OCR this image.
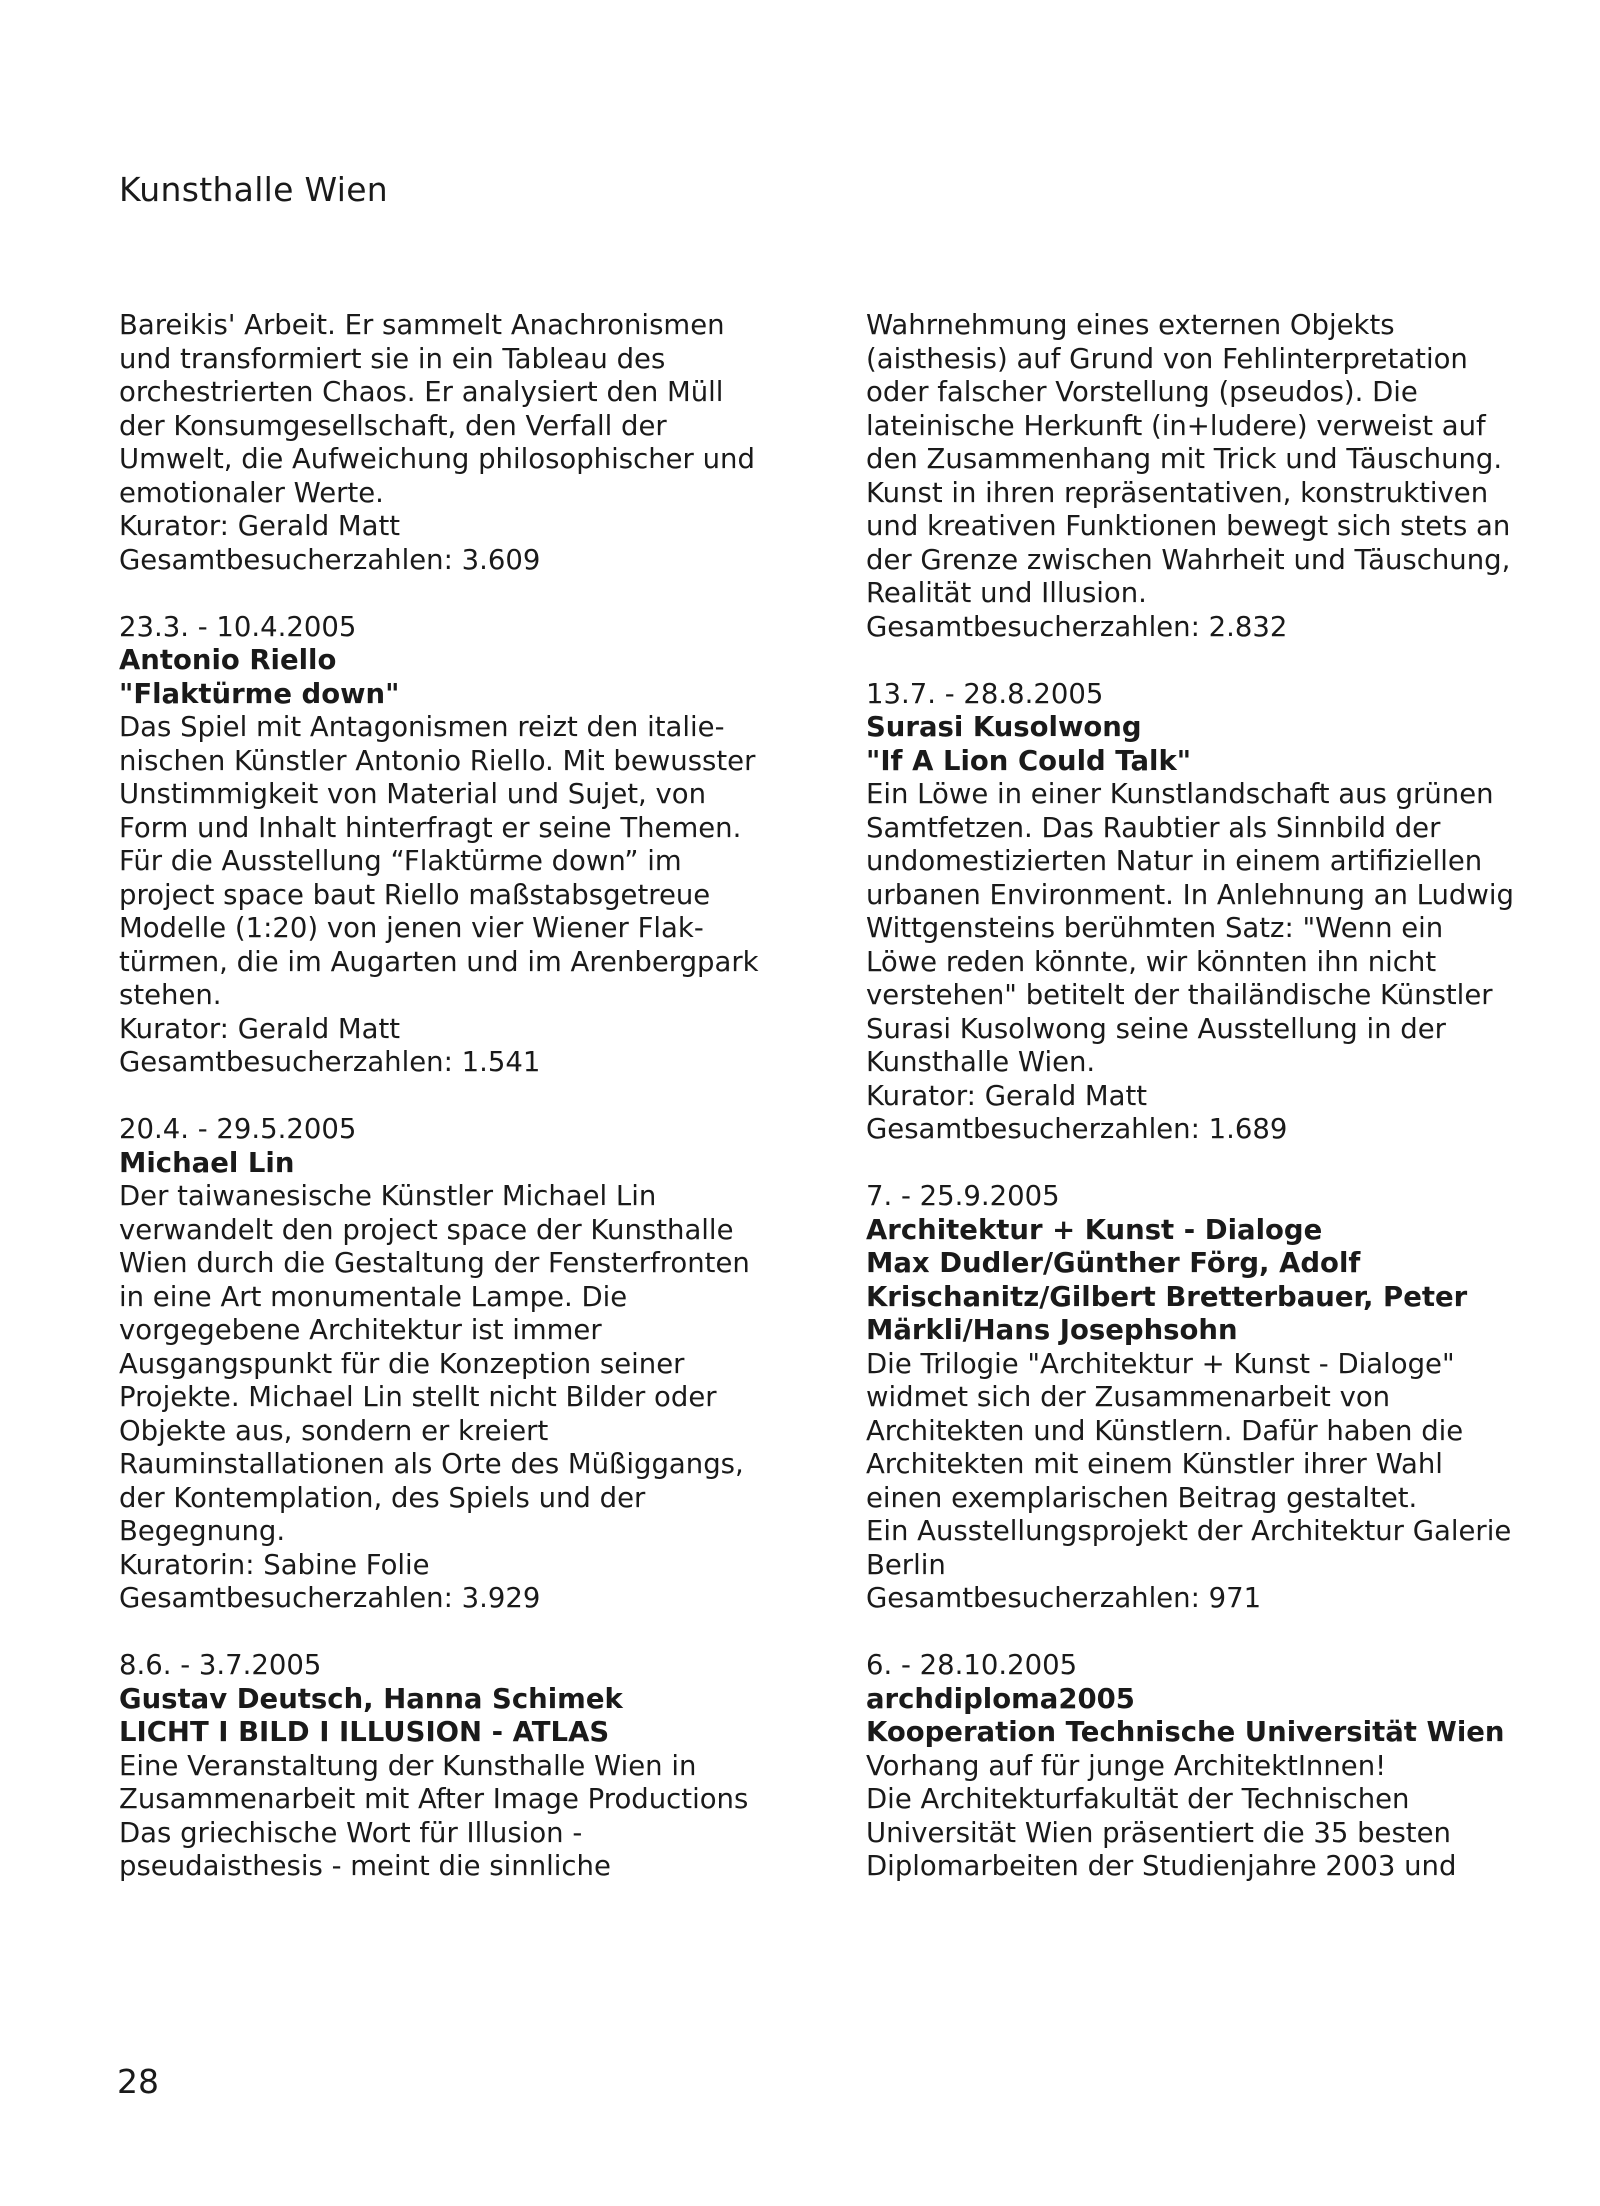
Kunsthalle Wien
Bareikis' Arbeit. Er sammelt Anachronismen
und transformiert sie in ein Tableau des
orchestrierten Chaos. Er analysiert den Müll
der Konsumgesellschaft, den Verfall der
Umwelt, die Aufweichung philosophischer und
emotionaler Werte.
Kurator: Gerald Matt
Gesamtbesucherzahlen: 3.609
23.3. - 10.4.2005
Antonio Riello
"Flaktürme down"
Das Spiel mit Antagonismen reizt den italie-
nischen Künstler Antonio Riello. Mit bewusster
Unstimmigkeit von Material und Sujet, von
Form und Inhalt hinterfragt er seine Themen.
Für die Ausstellung “Flaktürme down” im
project space baut Riello maßstabsgetreue
Modelle (1:20) von jenen vier Wiener Flak-
türmen, die im Augarten und im Arenbergpark
stehen.
Kurator: Gerald Matt
Gesamtbesucherzahlen: 1.541
20.4. - 29.5.2005
Michael Lin
Der taiwanesische Künstler Michael Lin
verwandelt den project space der Kunsthalle
Wien durch die Gestaltung der Fensterfronten
in eine Art monumentale Lampe. Die
vorgegebene Architektur ist immer
Ausgangspunkt für die Konzeption seiner
Projekte. Michael Lin stellt nicht Bilder oder
Objekte aus, sondern er kreiert
Rauminstallationen als Orte des Müßiggangs,
der Kontemplation, des Spiels und der
Begegnung.
Kuratorin: Sabine Folie
Gesamtbesucherzahlen: 3.929
8.6. - 3.7.2005
Gustav Deutsch, Hanna Schimek
LICHT I BILD I ILLUSION - ATLAS
Eine Veranstaltung der Kunsthalle Wien in
Zusammenarbeit mit After Image Productions
Das griechische Wort für Illusion -
pseudaisthesis - meint die sinnliche
Wahrnehmung eines externen Objekts
(aisthesis) auf Grund von Fehlinterpretation
oder falscher Vorstellung (pseudos). Die
lateinische Herkunft (in+ludere) verweist auf
den Zusammenhang mit Trick und Täuschung.
Kunst in ihren repräsentativen, konstruktiven
und kreativen Funktionen bewegt sich stets an
der Grenze zwischen Wahrheit und Täuschung,
Realität und Illusion.
Gesamtbesucherzahlen: 2.832
13.7. - 28.8.2005
Surasi Kusolwong
"If A Lion Could Talk"
Ein Löwe in einer Kunstlandschaft aus grünen
Samtfetzen. Das Raubtier als Sinnbild der
undomestizierten Natur in einem artifiziellen
urbanen Environment. In Anlehnung an Ludwig
Wittgensteins berühmten Satz: "Wenn ein
Löwe reden könnte, wir könnten ihn nicht
verstehen" betitelt der thailändische Künstler
Surasi Kusolwong seine Ausstellung in der
Kunsthalle Wien.
Kurator: Gerald Matt
Gesamtbesucherzahlen: 1.689
7. - 25.9.2005
Architektur + Kunst - Dialoge
Max Dudler/Günther Förg, Adolf
Krischanitz/Gilbert Bretterbauer, Peter
Märkli/Hans Josephsohn
Die Trilogie "Architektur + Kunst - Dialoge"
widmet sich der Zusammenarbeit von
Architekten und Künstlern. Dafür haben die
Architekten mit einem Künstler ihrer Wahl
einen exemplarischen Beitrag gestaltet.
Ein Ausstellungsprojekt der Architektur Galerie
Berlin
Gesamtbesucherzahlen: 971
6. - 28.10.2005
archdiploma2005
Kooperation Technische Universität Wien
Vorhang auf für junge ArchitektInnen!
Die Architekturfakultät der Technischen
Universität Wien präsentiert die 35 besten
Diplomarbeiten der Studienjahre 2003 und
28
